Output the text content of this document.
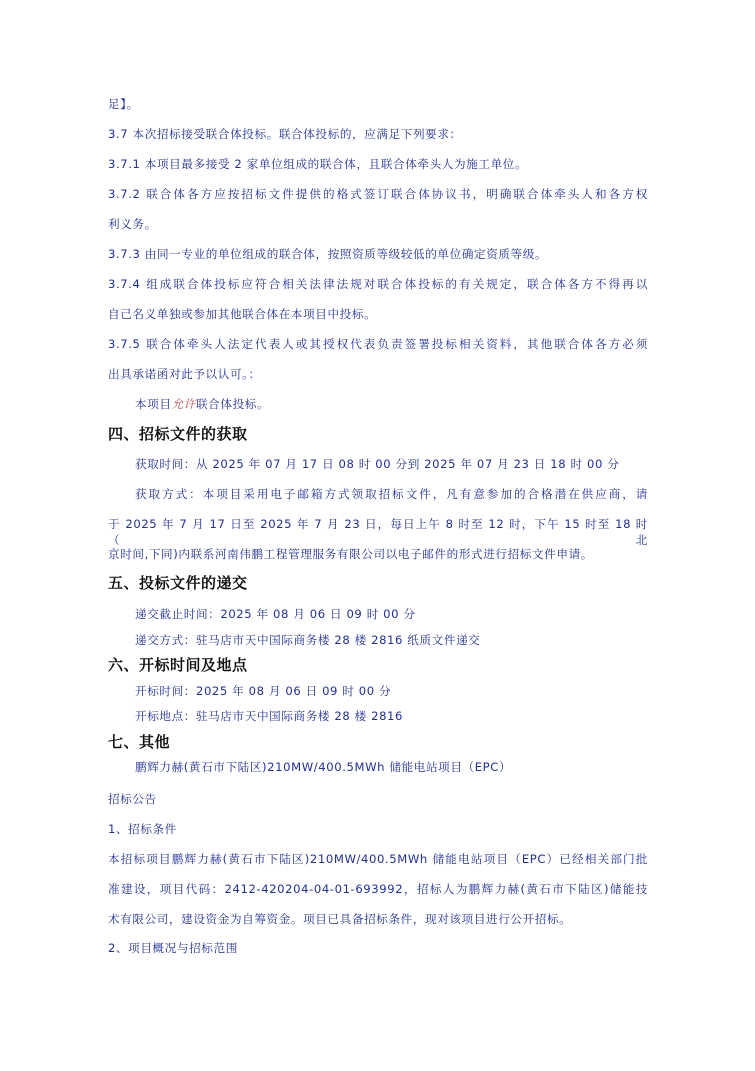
足】。
3.7 本次招标接受联合体投标。联合体投标的，应满足下列要求：
3.7.1 本项目最多接受 2 家单位组成的联合体，且联合体牵头人为施工单位。
3.7.2 联合体各方应按招标文件提供的格式签订联合体协议书，明确联合体牵头人和各方权
利义务。
3.7.3 由同一专业的单位组成的联合体，按照资质等级较低的单位确定资质等级。
3.7.4 组成联合体投标应符合相关法律法规对联合体投标的有关规定，联合体各方不得再以
自己名义单独或参加其他联合体在本项目中投标。
3.7.5 联合体牵头人法定代表人或其授权代表负责签署投标相关资料，其他联合体各方必须
出具承诺函对此予以认可。：
本项目允许联合体投标。
四、招标文件的获取
获取时间：从 2025 年 07 月 17 日 08 时 00 分到 2025 年 07 月 23 日 18 时 00 分
获取方式：本项目采用电子邮箱方式领取招标文件，凡有意参加的合格潜在供应商，请
于 2025 年 7 月 17 日至 2025 年 7 月 23 日，每日上午 8 时至 12 时，下午 15 时至 18 时（北
京时间,下同)内联系河南伟鹏工程管理服务有限公司以电子邮件的形式进行招标文件申请。
五、投标文件的递交
递交截止时间：2025 年 08 月 06 日 09 时 00 分
递交方式：驻马店市天中国际商务楼 28 楼 2816 纸质文件递交
六、开标时间及地点
开标时间：2025 年 08 月 06 日 09 时 00 分
开标地点：驻马店市天中国际商务楼 28 楼 2816
七、其他
鹏辉力赫(黄石市下陆区)210MW/400.5MWh 储能电站项目（EPC）
招标公告
1、招标条件
本招标项目鹏辉力赫(黄石市下陆区)210MW/400.5MWh 储能电站项目（EPC）已经相关部门批
准建设，项目代码：2412-420204-04-01-693992，招标人为鹏辉力赫(黄石市下陆区)储能技
术有限公司，建设资金为自筹资金。项目已具备招标条件，现对该项目进行公开招标。
2、项目概况与招标范围
